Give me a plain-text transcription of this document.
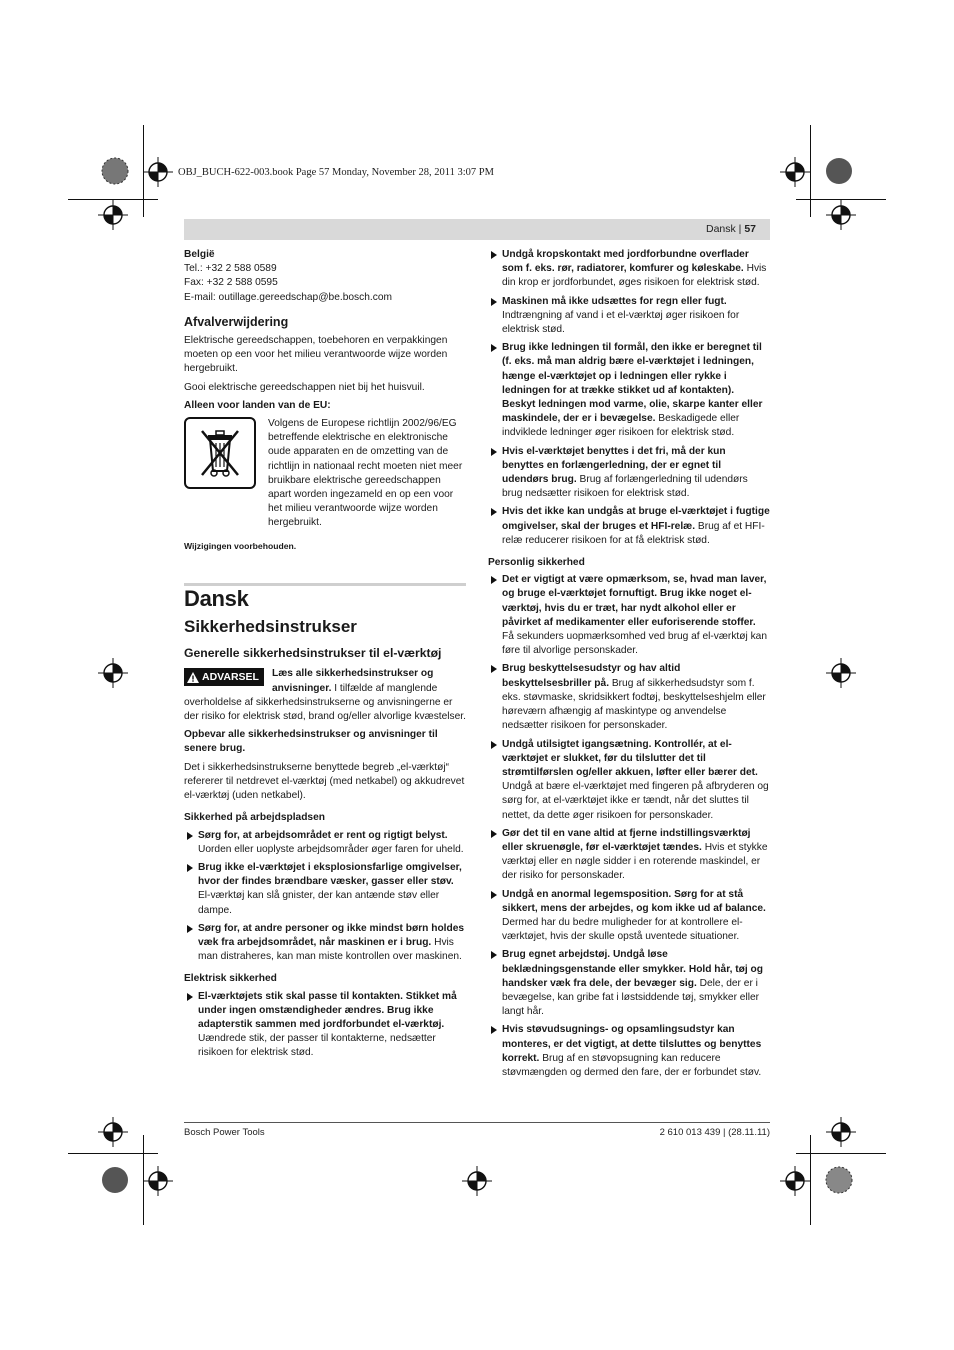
OBJ_BUCH-622-003.book Page 57 Monday, November 28, 2011 3:07 PM
Dansk | 57

België

Tel.: +32 2 588 0589

Fax: +32 2 588 0595

E-mail: outillage.gereedschap@be.bosch.com

Afvalverwijdering

Elektrische gereedschappen, toebehoren en verpakkingen moeten op een voor het milieu verantwoorde wijze worden hergebruikt.

Gooi elektrische gereedschappen niet bij het huisvuil.

Alleen voor landen van de EU:

Volgens de Europese richtlijn 2002/96/EG betreffende elektrische en elektronische oude apparaten en de omzetting van de richtlijn in nationaal recht moeten niet meer bruikbare elektrische gereedschappen apart worden ingezameld en op een voor het milieu verantwoorde wijze worden hergebruikt.

Wijzigingen voorbehouden.

Dansk
Sikkerhedsinstrukser
Generelle sikkerhedsinstrukser til el-værktøj
ADVARSEL Læs alle sikkerhedsinstrukser og anvisninger. I tilfælde af manglende overholdelse af sikkerhedsinstrukserne og anvisningerne er der risiko for elektrisk stød, brand og/eller alvorlige kvæstelser.

Opbevar alle sikkerhedsinstrukser og anvisninger til senere brug.

Det i sikkerhedsinstrukserne benyttede begreb „el-værktøj“ refererer til netdrevet el-værktøj (med netkabel) og akkudrevet el-værktøj (uden netkabel).

Sikkerhed på arbejdspladsen

Sørg for, at arbejdsområdet er rent og rigtigt belyst. Uorden eller uoplyste arbejdsområder øger faren for uheld.

Brug ikke el-værktøjet i eksplosionsfarlige omgivelser, hvor der findes brændbare væsker, gasser eller støv. El-værktøj kan slå gnister, der kan antænde støv eller dampe.

Sørg for, at andre personer og ikke mindst børn holdes væk fra arbejdsområdet, når maskinen er i brug. Hvis man distraheres, kan man miste kontrollen over maskinen.

Elektrisk sikkerhed

El-værktøjets stik skal passe til kontakten. Stikket må under ingen omstændigheder ændres. Brug ikke adapterstik sammen med jordforbundet el-værktøj. Uændrede stik, der passer til kontakterne, nedsætter risikoen for elektrisk stød.

Undgå kropskontakt med jordforbundne overflader som f. eks. rør, radiatorer, komfurer og køleskabe. Hvis din krop er jordforbundet, øges risikoen for elektrisk stød.

Maskinen må ikke udsættes for regn eller fugt. Indtrængning af vand i et el-værktøj øger risikoen for elektrisk stød.

Brug ikke ledningen til formål, den ikke er beregnet til (f. eks. må man aldrig bære el-værktøjet i ledningen, hænge el-værktøjet op i ledningen eller rykke i ledningen for at trække stikket ud af kontakten). Beskyt ledningen mod varme, olie, skarpe kanter eller maskindele, der er i bevægelse. Beskadigede eller indviklede ledninger øger risikoen for elektrisk stød.

Hvis el-værktøjet benyttes i det fri, må der kun benyttes en forlængerledning, der er egnet til udendørs brug. Brug af forlængerledning til udendørs brug nedsætter risikoen for elektrisk stød.

Hvis det ikke kan undgås at bruge el-værktøjet i fugtige omgivelser, skal der bruges et HFI-relæ. Brug af et HFI-relæ reducerer risikoen for at få elektrisk stød.

Personlig sikkerhed

Det er vigtigt at være opmærksom, se, hvad man laver, og bruge el-værktøjet fornuftigt. Brug ikke noget el-værktøj, hvis du er træt, har nydt alkohol eller er påvirket af medikamenter eller euforiserende stoffer. Få sekunders uopmærksomhed ved brug af el-værktøj kan føre til alvorlige personskader.

Brug beskyttelsesudstyr og hav altid beskyttelsesbriller på. Brug af sikkerhedsudstyr som f. eks. støvmaske, skridsikkert fodtøj, beskyttelseshjelm eller høreværn afhængig af maskintype og anvendelse nedsætter risikoen for personskader.

Undgå utilsigtet igangsætning. Kontrollér, at el-værktøjet er slukket, før du tilslutter det til strømtilførslen og/eller akkuen, løfter eller bærer det. Undgå at bære el-værktøjet med fingeren på afbryderen og sørg for, at el-værktøjet ikke er tændt, når det sluttes til nettet, da dette øger risikoen for personskader.

Gør det til en vane altid at fjerne indstillingsværktøj eller skruenøgle, før el-værktøjet tændes. Hvis et stykke værktøj eller en nøgle sidder i en roterende maskindel, er der risiko for personskader.

Undgå en anormal legemsposition. Sørg for at stå sikkert, mens der arbejdes, og kom ikke ud af balance. Dermed har du bedre muligheder for at kontrollere el-værktøjet, hvis der skulle opstå uventede situationer.

Brug egnet arbejdstøj. Undgå løse beklædningsgenstande eller smykker. Hold hår, tøj og handsker væk fra dele, der bevæger sig. Dele, der er i bevægelse, kan gribe fat i løstsiddende tøj, smykker eller langt hår.

Hvis støvudsugnings- og opsamlingsudstyr kan monteres, er det vigtigt, at dette tilsluttes og benyttes korrekt. Brug af en støvopsugning kan reducere støvmængden og dermed den fare, der er forbundet støv.

Bosch Power Tools	2 610 013 439 | (28.11.11)
